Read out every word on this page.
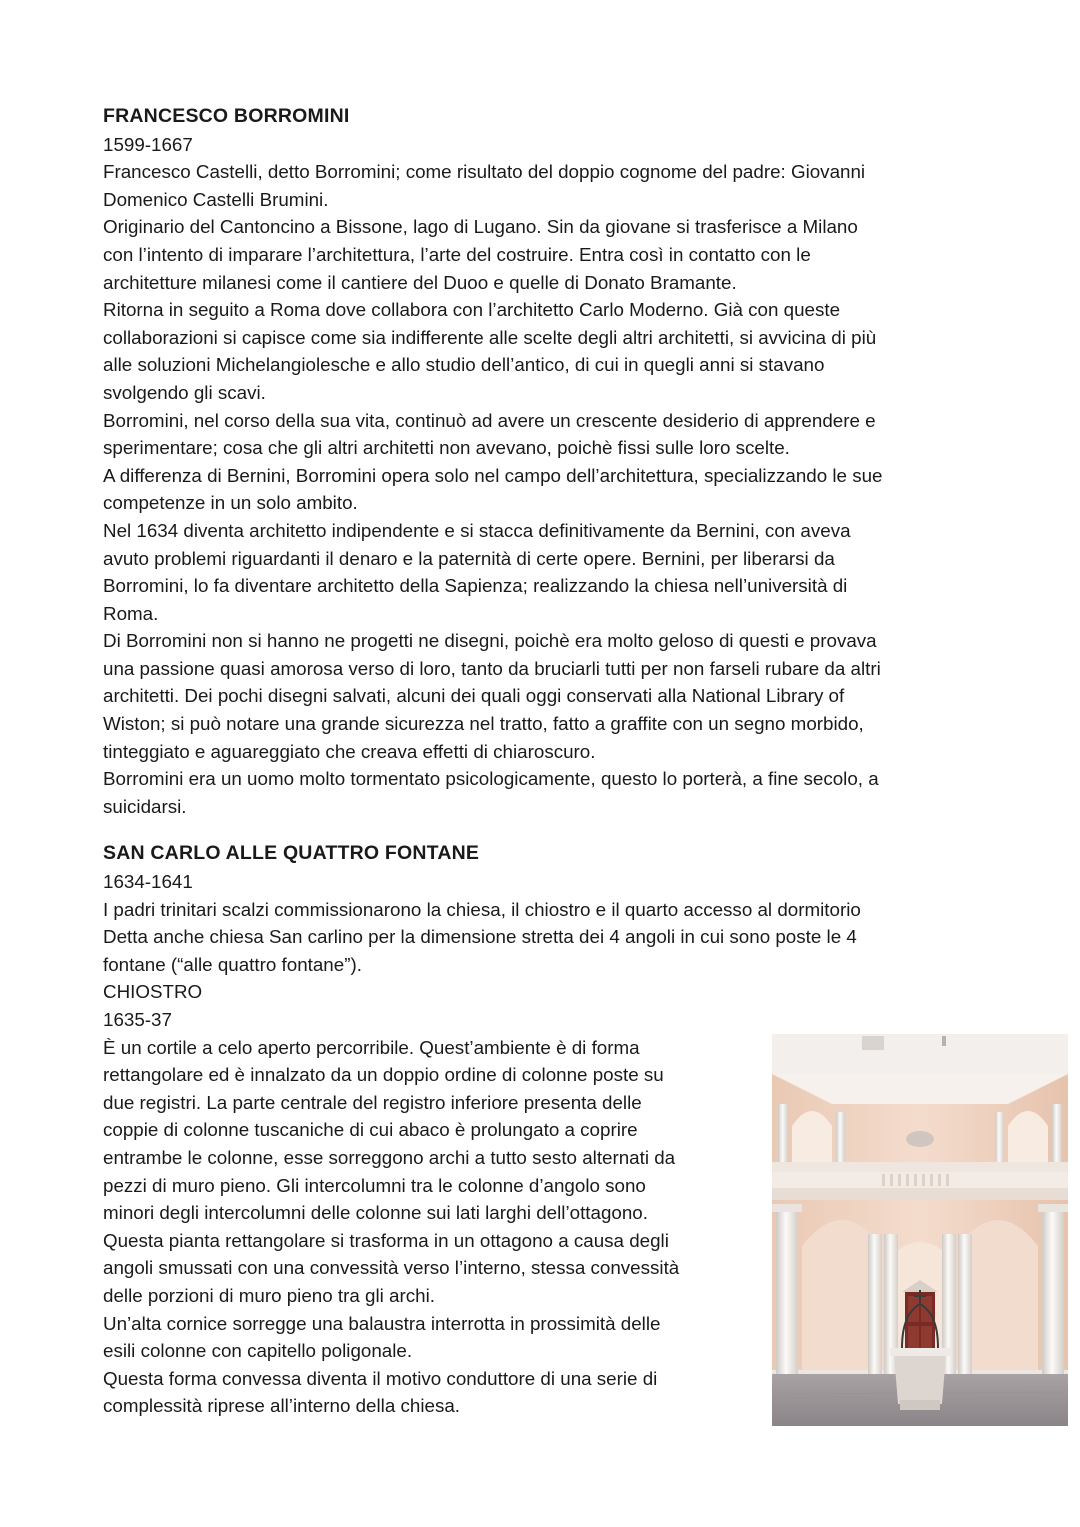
FRANCESCO BORROMINI

1599-1667

Francesco Castelli, detto Borromini; come risultato del doppio cognome del padre: Giovanni

Domenico Castelli Brumini.

Originario del Cantoncino a Bissone, lago di Lugano. Sin da giovane si trasferisce a Milano

con l’intento di imparare l’architettura, l’arte del costruire. Entra così in contatto con le

architetture milanesi come il cantiere del Duoo e quelle di Donato Bramante.

Ritorna in seguito a Roma dove collabora con l’architetto Carlo Moderno. Già con queste

collaborazioni si capisce come sia indifferente alle scelte degli altri architetti, si avvicina di più

alle soluzioni Michelangiolesche e allo studio dell’antico, di cui in quegli anni si stavano

svolgendo gli scavi.

Borromini, nel corso della sua vita, continuò ad avere un crescente desiderio di apprendere e

sperimentare; cosa che gli altri architetti non avevano, poichè fissi sulle loro scelte.

A differenza di Bernini, Borromini opera solo nel campo dell’architettura, specializzando le sue

competenze in un solo ambito.

Nel 1634 diventa architetto indipendente e si stacca definitivamente da Bernini, con aveva

avuto problemi riguardanti il denaro e la paternità di certe opere. Bernini, per liberarsi da

Borromini, lo fa diventare architetto della Sapienza; realizzando la chiesa nell’università di

Roma.

Di Borromini non si hanno ne progetti ne disegni, poichè era molto geloso di questi e provava

una passione quasi amorosa verso di loro, tanto da bruciarli tutti per non farseli rubare da altri

architetti. Dei pochi disegni salvati, alcuni dei quali oggi conservati alla National Library of

Wiston; si può notare una grande sicurezza nel tratto, fatto a graffite con un segno morbido,

tinteggiato e aguareggiato che creava effetti di chiaroscuro.

Borromini era un uomo molto tormentato psicologicamente, questo lo porterà, a fine secolo, a

suicidarsi.

SAN CARLO ALLE QUATTRO FONTANE

1634-1641

I padri trinitari scalzi commissionarono la chiesa, il chiostro e il quarto accesso al dormitorio

Detta anche chiesa San carlino per la dimensione stretta dei 4 angoli in cui sono poste le 4

fontane (“alle quattro fontane”).

CHIOSTRO

1635-37

È un cortile a celo aperto percorribile. Quest’ambiente è di forma

rettangolare ed è innalzato da un doppio ordine di colonne poste su

due registri. La parte centrale del registro inferiore presenta delle

coppie di colonne tuscaniche di cui abaco è prolungato a coprire

entrambe le colonne, esse sorreggono archi a tutto sesto alternati da

pezzi di muro pieno. Gli intercolumni tra le colonne d’angolo sono

minori degli intercolumni delle colonne sui lati larghi dell’ottagono.

Questa pianta rettangolare si trasforma in un ottagono a causa degli

angoli smussati con una convessità verso l’interno, stessa convessità

delle porzioni di muro pieno tra gli archi.

Un’alta cornice sorregge una balaustra interrotta in prossimità delle

esili colonne con capitello poligonale.

Questa forma convessa diventa il motivo conduttore di una serie di

complessità riprese all’interno della chiesa.
